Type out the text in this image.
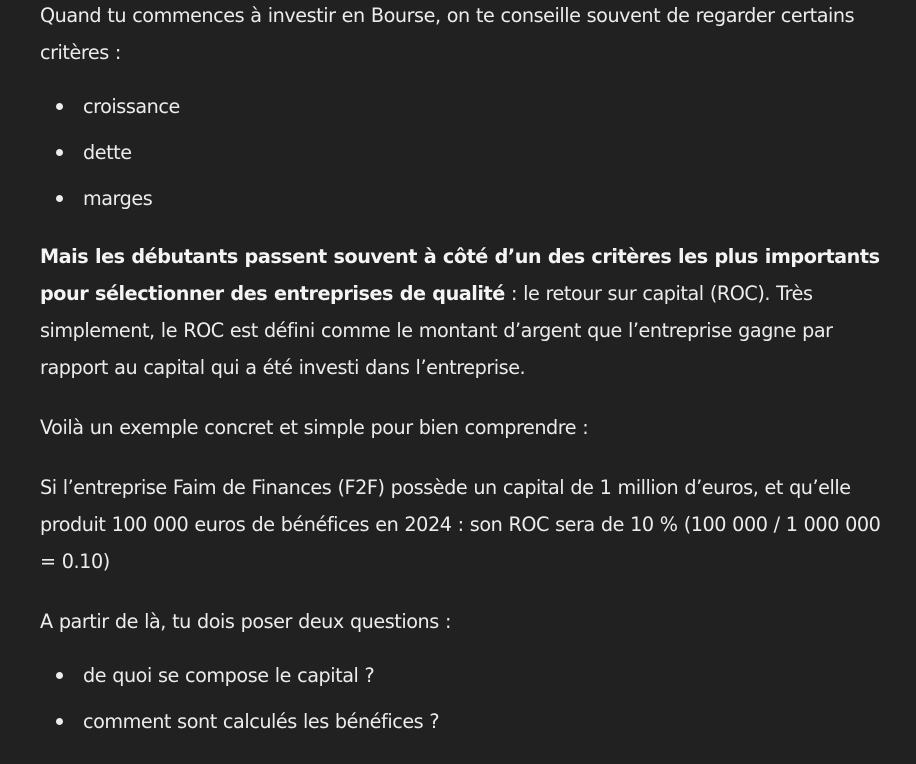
Quand tu commences à investir en Bourse, on te conseille souvent de regarder certains critères :

croissance
dette
marges

Mais les débutants passent souvent à côté d’un des critères les plus importants pour sélectionner des entreprises de qualité : le retour sur capital (ROC). Très simplement, le ROC est défini comme le montant d’argent que l’entreprise gagne par rapport au capital qui a été investi dans l’entreprise.

Voilà un exemple concret et simple pour bien comprendre :

Si l’entreprise Faim de Finances (F2F) possède un capital de 1 million d’euros, et qu’elle produit 100 000 euros de bénéfices en 2024 : son ROC sera de 10 % (100 000 / 1 000 000 = 0.10)

A partir de là, tu dois poser deux questions :

de quoi se compose le capital ?
comment sont calculés les bénéfices ?
